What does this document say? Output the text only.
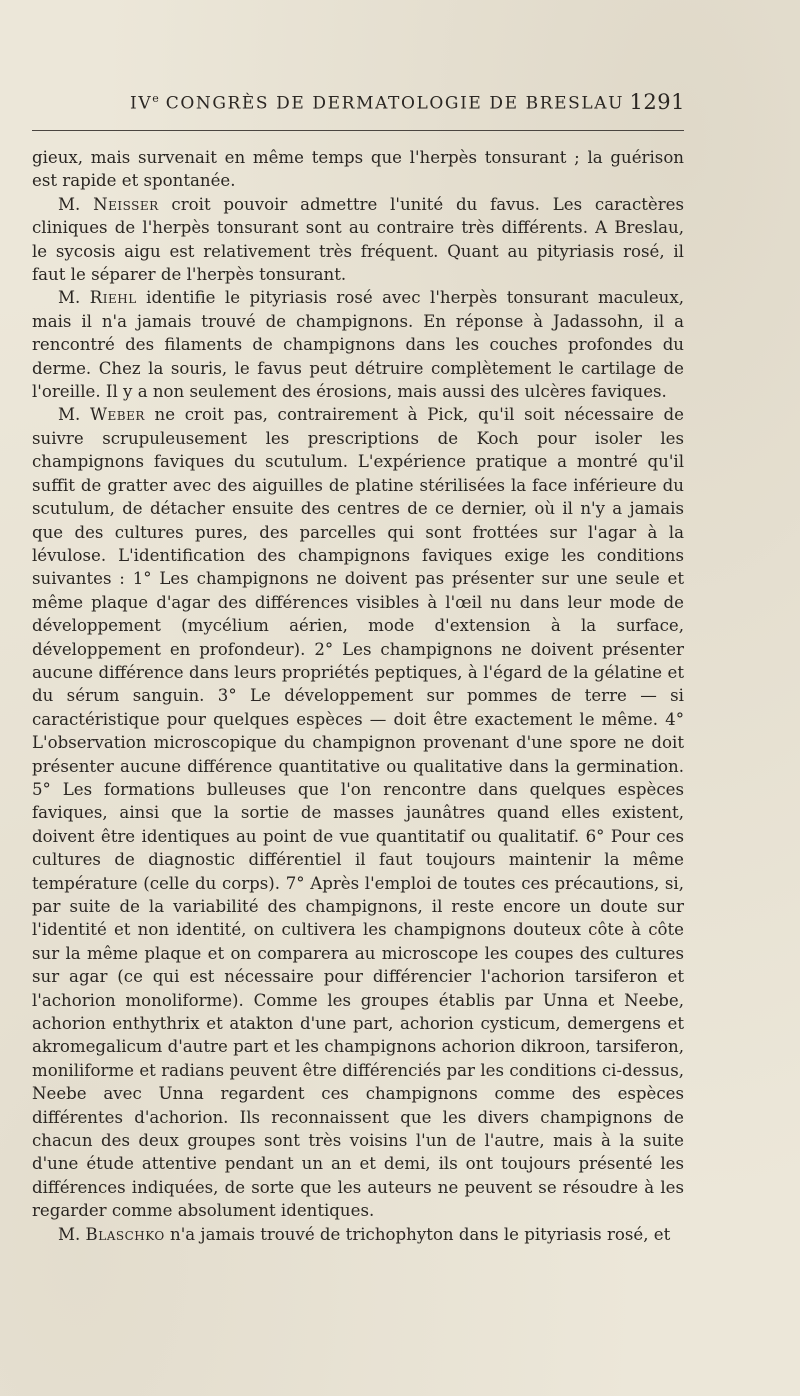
IVe CONGRÈS DE DERMATOLOGIE DE BRESLAU 1291

gieux, mais survenait en même temps que l'herpès tonsurant ; la guérison est rapide et spontanée.

M. Neisser croit pouvoir admettre l'unité du favus. Les caractères cliniques de l'herpès tonsurant sont au contraire très différents. A Breslau, le sycosis aigu est relativement très fréquent. Quant au pityriasis rosé, il faut le séparer de l'herpès tonsurant.

M. Riehl identifie le pityriasis rosé avec l'herpès tonsurant maculeux, mais il n'a jamais trouvé de champignons. En réponse à Jadassohn, il a rencontré des filaments de champignons dans les couches profondes du derme. Chez la souris, le favus peut détruire complètement le cartilage de l'oreille. Il y a non seulement des érosions, mais aussi des ulcères faviques.

M. Weber ne croit pas, contrairement à Pick, qu'il soit nécessaire de suivre scrupuleusement les prescriptions de Koch pour isoler les champignons faviques du scutulum. L'expérience pratique a montré qu'il suffit de gratter avec des aiguilles de platine stérilisées la face inférieure du scutulum, de détacher ensuite des centres de ce dernier, où il n'y a jamais que des cultures pures, des parcelles qui sont frottées sur l'agar à la lévulose. L'identification des champignons faviques exige les conditions suivantes : 1° Les champignons ne doivent pas présenter sur une seule et même plaque d'agar des différences visibles à l'œil nu dans leur mode de développement (mycélium aérien, mode d'extension à la surface, développement en profondeur). 2° Les champignons ne doivent présenter aucune différence dans leurs propriétés peptiques, à l'égard de la gélatine et du sérum sanguin. 3° Le développement sur pommes de terre — si caractéristique pour quelques espèces — doit être exactement le même. 4° L'observation microscopique du champignon provenant d'une spore ne doit présenter aucune différence quantitative ou qualitative dans la germination. 5° Les formations bulleuses que l'on rencontre dans quelques espèces faviques, ainsi que la sortie de masses jaunâtres quand elles existent, doivent être identiques au point de vue quantitatif ou qualitatif. 6° Pour ces cultures de diagnostic différentiel il faut toujours maintenir la même température (celle du corps). 7° Après l'emploi de toutes ces précautions, si, par suite de la variabilité des champignons, il reste encore un doute sur l'identité et non identité, on cultivera les champignons douteux côte à côte sur la même plaque et on comparera au microscope les coupes des cultures sur agar (ce qui est nécessaire pour différencier l'achorion tarsiferon et l'achorion monoliforme). Comme les groupes établis par Unna et Neebe, achorion enthythrix et atakton d'une part, achorion cysticum, demergens et akromegalicum d'autre part et les champignons achorion dikroon, tarsiferon, moniliforme et radians peuvent être différenciés par les conditions ci-dessus, Neebe avec Unna regardent ces champignons comme des espèces différentes d'achorion. Ils reconnaissent que les divers champignons de chacun des deux groupes sont très voisins l'un de l'autre, mais à la suite d'une étude attentive pendant un an et demi, ils ont toujours présenté les différences indiquées, de sorte que les auteurs ne peuvent se résoudre à les regarder comme absolument identiques.

M. Blaschko n'a jamais trouvé de trichophyton dans le pityriasis rosé, et
